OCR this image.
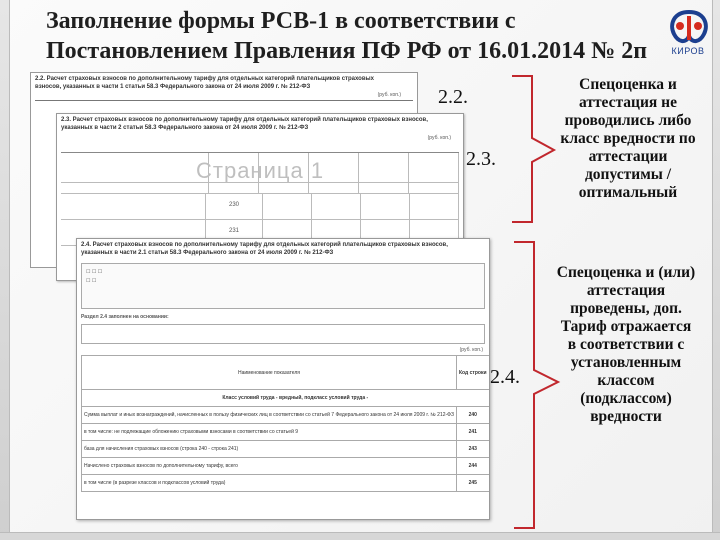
Заполнение формы РСВ-1 в соответствии с
Постановлением Правления ПФ РФ от 16.01.2014 № 2п	КИРОВ
2.2. Расчет страховых взносов по дополнительному тарифу для отдельных категорий плательщиков страховых взносов, указанных в части 1 статьи 58.3 Федерального закона от 24 июля 2009 г. № 212-ФЗ
(руб. коп.)
2.3. Расчет страховых взносов по дополнительному тарифу для отдельных категорий плательщиков страховых взносов, указанных в части 2 статьи 58.3 Федерального закона от 24 июля 2009 г. № 212-ФЗ
(руб. коп.)
230
231
Страница 1
2.4. Расчет страховых взносов по дополнительному тарифу для отдельных категорий плательщиков страховых взносов, указанных в части 2.1 статьи 58.3 Федерального закона от 24 июля 2009 г. № 212-ФЗ
☐ ☐ ☐
☐ ☐
Раздел 2.4 заполнен на основании:
(руб. коп.)
Наименование показателя	Код строки				
Класс условий труда - вредный, подкласс условий труда -					
Сумма выплат и иных вознаграждений, начисленных в пользу физических лиц в соответствии со статьей 7 Федерального закона от 24 июля 2009 г. № 212-ФЗ	240				
в том числе: не подлежащие обложению страховыми взносами в соответствии со статьей 9	241				
база для начисления страховых взносов (строка 240 - строка 241)	243				
Начислено страховых взносов по дополнительному тарифу, всего	244				
в том числе (в разрезе классов и подклассов условий труда)	245				
2.2.
2.3.
2.4.
Спецоценка и аттестация не проводились либо класс вредности по аттестации допустимы / оптимальный
Спецоценка и (или) аттестация проведены, доп. Тариф отражается в соответствии с установленным классом (подклассом) вредности
